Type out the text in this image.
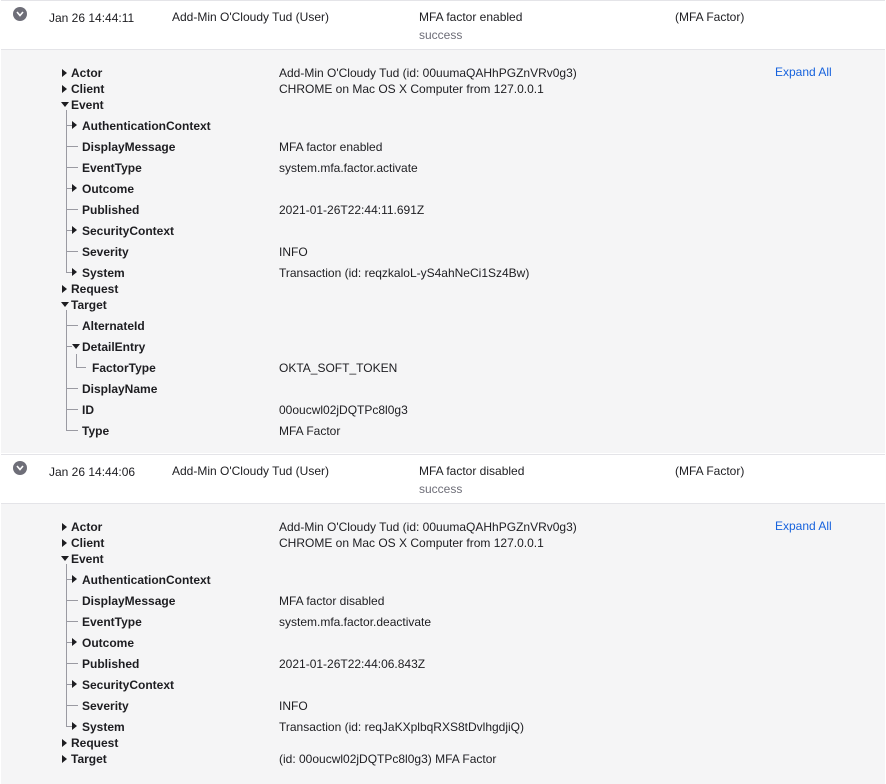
Jan 26 14:44:11	Add-Min O'Cloudy Tud (User)	MFA factor enabled
success
(MFA Factor)
Expand All
Actor	Add-Min O'Cloudy Tud (id: 00uumaQAHhPGZnVRv0g3)
Client	CHROME on Mac OS X Computer from 127.0.0.1
Event
AuthenticationContext
DisplayMessage	MFA factor enabled
EventType	system.mfa.factor.activate
Outcome
Published	2021-01-26T22:44:11.691Z
SecurityContext
Severity	INFO
System	Transaction (id: reqzkaloL-yS4ahNeCi1Sz4Bw)
Request
Target
AlternateId
DetailEntry
FactorType	OKTA_SOFT_TOKEN
DisplayName
ID	00oucwl02jDQTPc8l0g3
Type	MFA Factor
Jan 26 14:44:06	Add-Min O'Cloudy Tud (User)	MFA factor disabled
success
(MFA Factor)
Expand All
Actor	Add-Min O'Cloudy Tud (id: 00uumaQAHhPGZnVRv0g3)
Client	CHROME on Mac OS X Computer from 127.0.0.1
Event
AuthenticationContext
DisplayMessage	MFA factor disabled
EventType	system.mfa.factor.deactivate
Outcome
Published	2021-01-26T22:44:06.843Z
SecurityContext
Severity	INFO
System	Transaction (id: reqJaKXplbqRXS8tDvlhgdjiQ)
Request
Target	(id: 00oucwl02jDQTPc8l0g3) MFA Factor
